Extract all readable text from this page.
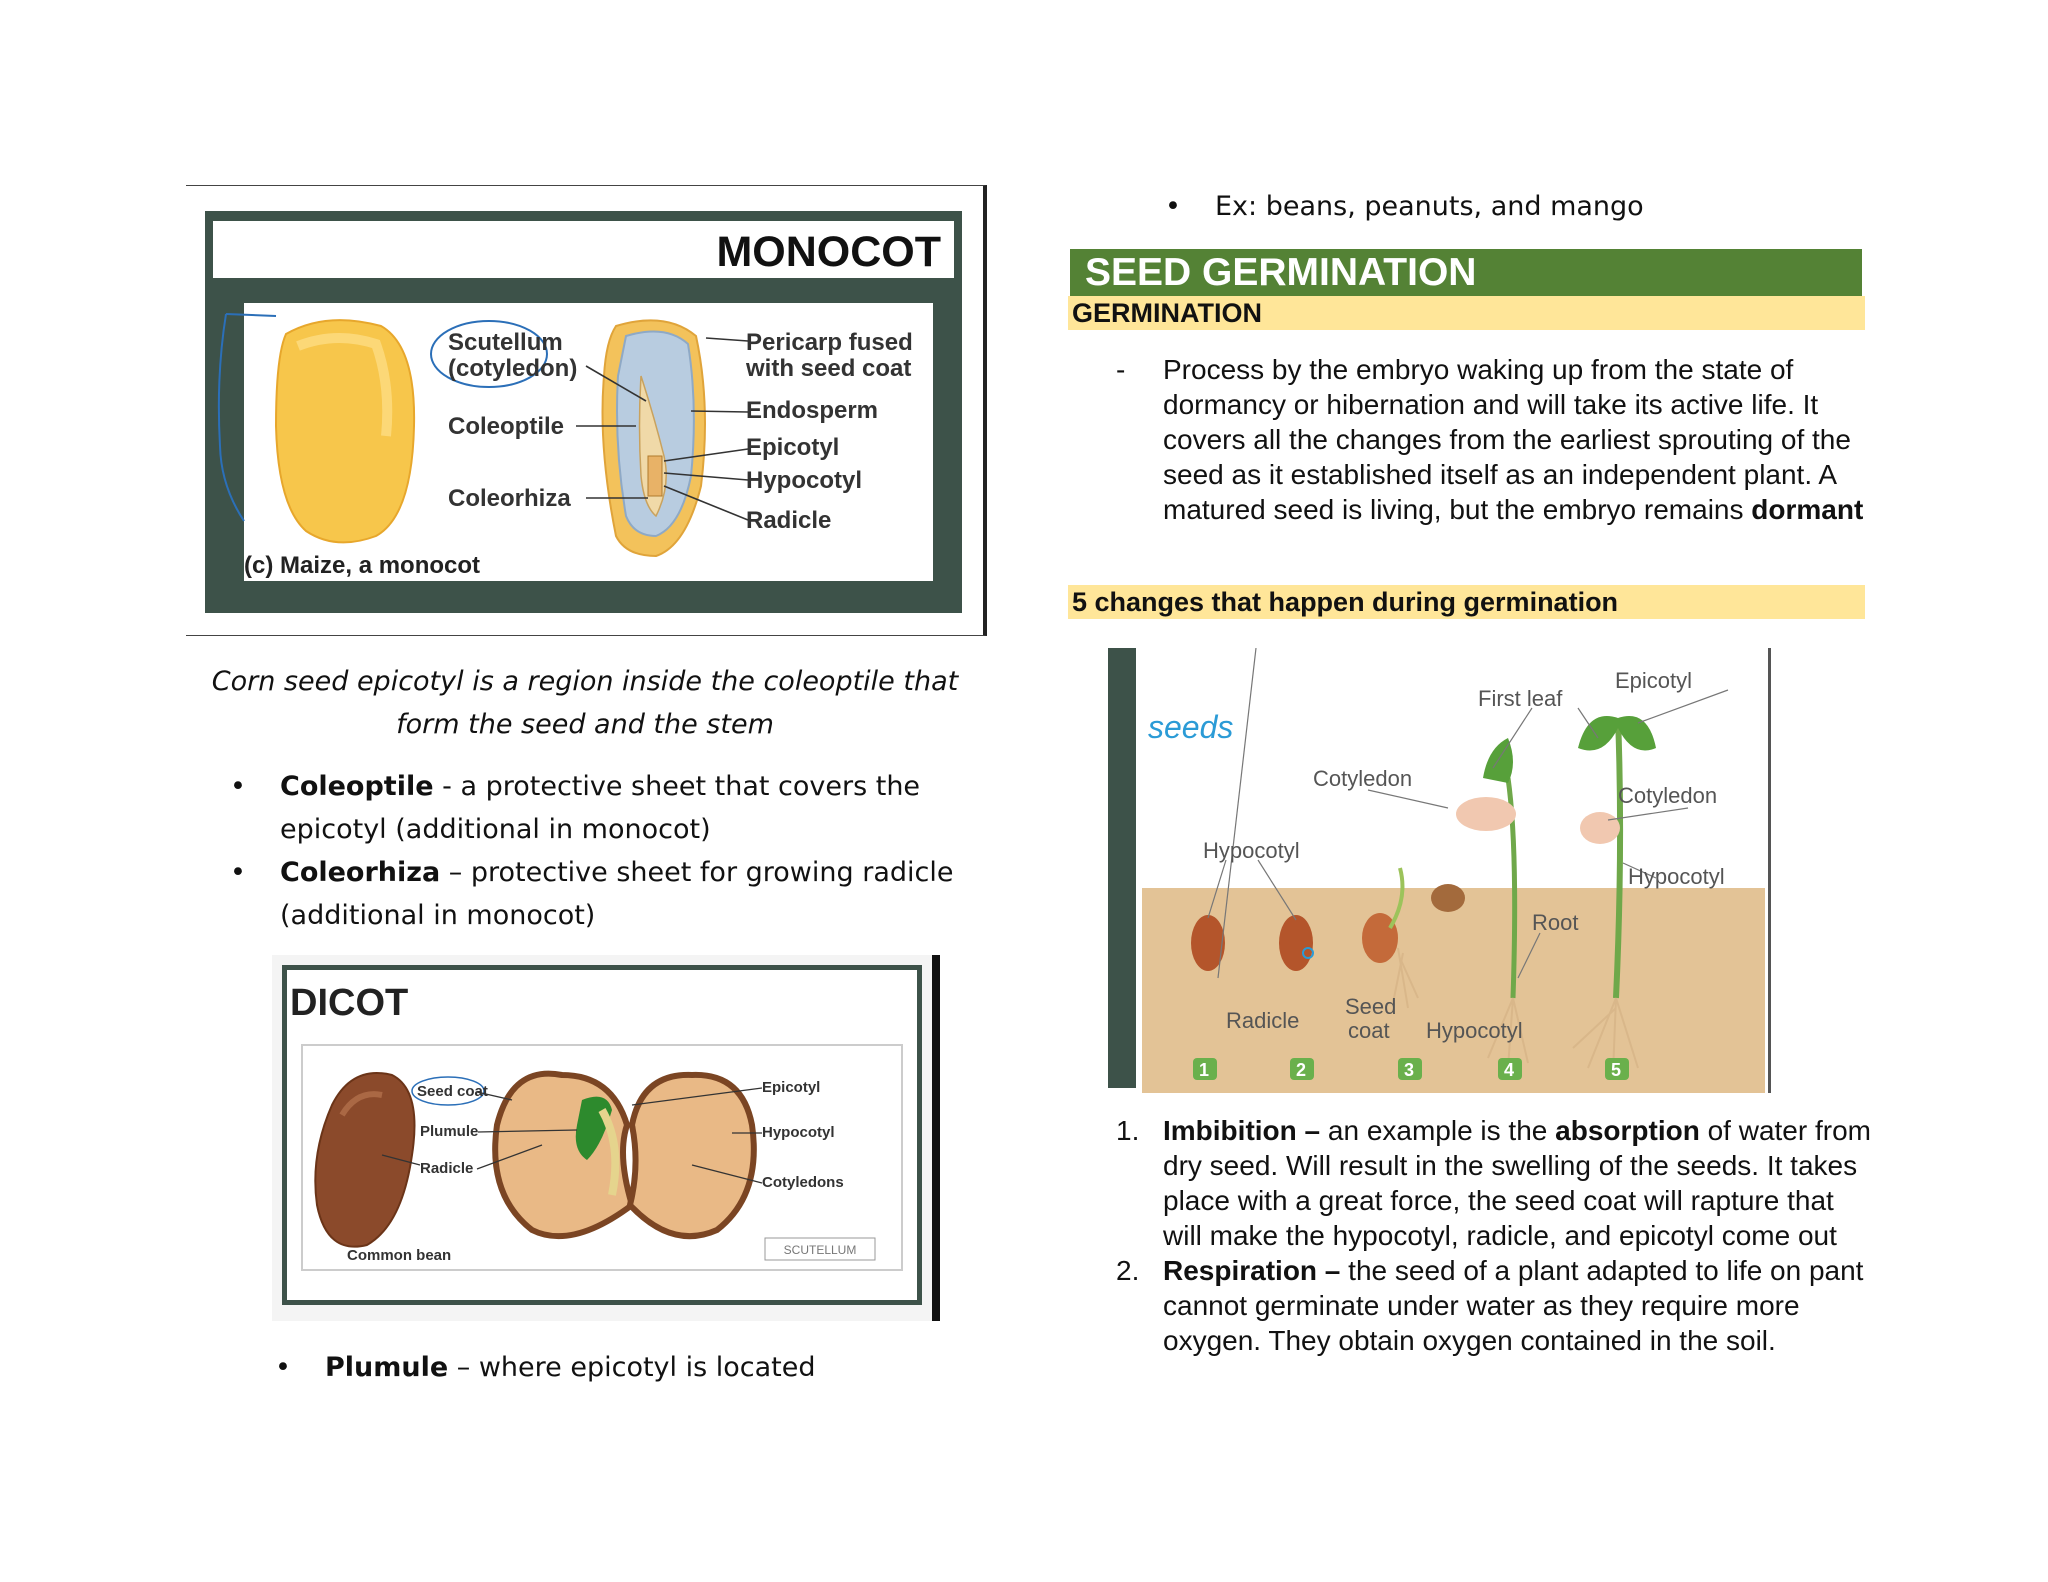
MONOCOT
Scutellum
(cotyledon)
Coleoptile
Coleorhiza
Pericarp fused
with seed coat
Endosperm
Epicotyl
Hypocotyl
Radicle
(c) Maize, a monocot
Corn seed epicotyl is a region inside the coleoptile that
form the seed and the stem
• Coleoptile - a protective sheet that covers the epicotyl (additional in monocot)
• Coleorhiza – protective sheet for growing radicle (additional in monocot)
DICOT
Seed coat
Plumule
Radicle
Common bean
Epicotyl
Hypocotyl
Cotyledons
SCUTELLUM
• Plumule – where epicotyl is located
• Ex: beans, peanuts, and mango
SEED GERMINATION
GERMINATION
- Process by the embryo waking up from the state of dormancy or hibernation and will take its active life. It covers all the changes from the earliest sprouting of the seed as it established itself as an independent plant. A matured seed is living, but the embryo remains dormant
5 changes that happen during germination
seeds
First leaf
Epicotyl
Cotyledon
Cotyledon
Hypocotyl
Hypocotyl
Root
Radicle
Seed
coat Hypocotyl
1	2	3	4	5
1. Imbibition – an example is the absorption of water from dry seed. Will result in the swelling of the seeds. It takes place with a great force, the seed coat will rapture that will make the hypocotyl, radicle, and epicotyl come out
2. Respiration – the seed of a plant adapted to life on pant cannot germinate under water as they require more oxygen. They obtain oxygen contained in the soil.
